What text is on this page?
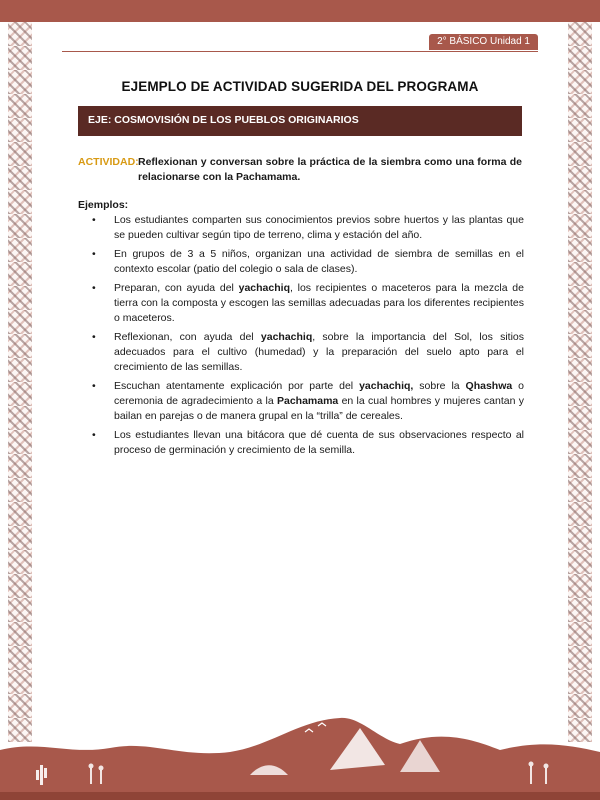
2° BÁSICO Unidad 1
EJEMPLO DE ACTIVIDAD SUGERIDA DEL PROGRAMA
EJE: COSMOVISIÓN DE LOS PUEBLOS ORIGINARIOS
ACTIVIDAD: Reflexionan y conversan sobre la práctica de la siembra como una forma de relacionarse con la Pachamama.
Ejemplos:
• Los estudiantes comparten sus conocimientos previos sobre huertos y las plantas que se pueden cultivar según tipo de terreno, clima y estación del año.
• En grupos de 3 a 5 niños, organizan una actividad de siembra de semillas en el contexto escolar (patio del colegio o sala de clases).
• Preparan, con ayuda del yachachiq, los recipientes o maceteros para la mezcla de tierra con la composta y escogen las semillas adecuadas para los diferentes recipientes o maceteros.
• Reflexionan, con ayuda del yachachiq, sobre la importancia del Sol, los sitios adecuados para el cultivo (humedad) y la preparación del suelo apto para el crecimiento de las semillas.
• Escuchan atentamente explicación por parte del yachachiq, sobre la Qhashwa o ceremonia de agradecimiento a la Pachamama en la cual hombres y mujeres cantan y bailan en parejas o de manera grupal en la “trilla” de cereales.
• Los estudiantes llevan una bitácora que dé cuenta de sus observaciones respecto al proceso de germinación y crecimiento de la semilla.
